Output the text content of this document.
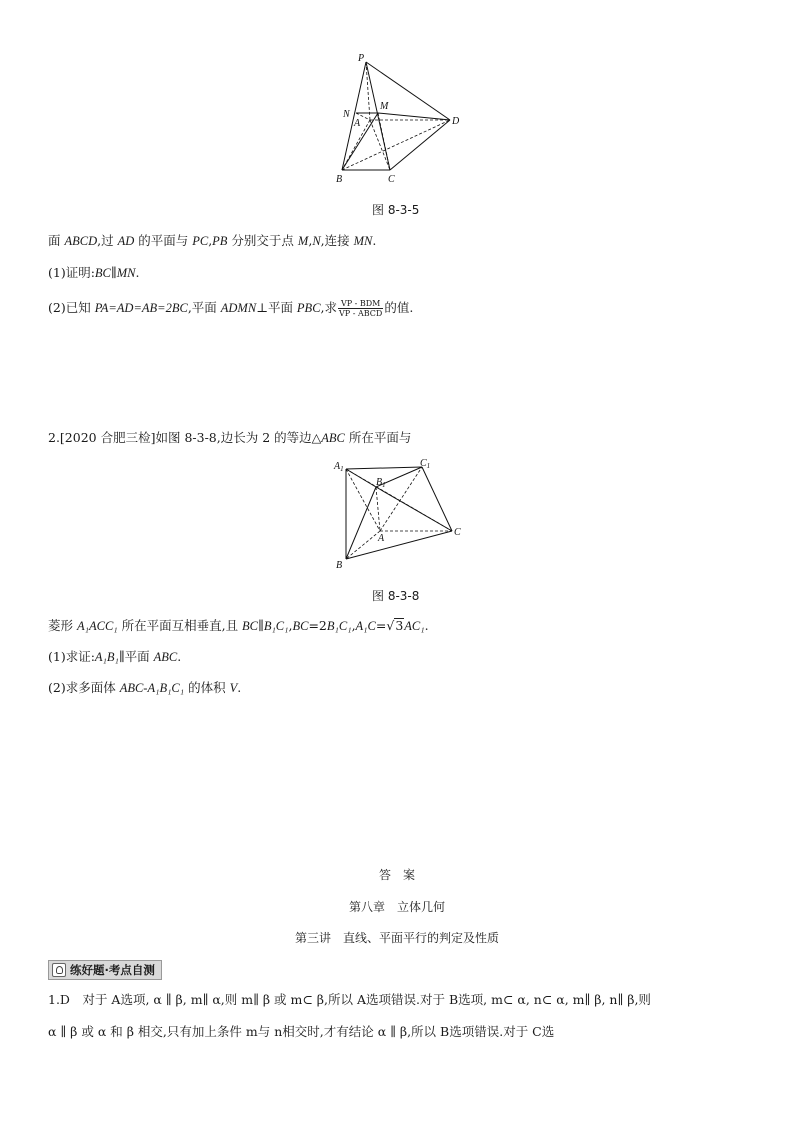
P
N
M
A	D
B	C
图 8-3-5
面 ABCD,过 AD 的平面与 PC,PB 分别交于点 M,N,连接 MN.
(1)证明:BC∥MN.
(2)已知 PA=AD=AB=2BC,平面 ADMN⊥平面 PBC,求 $\frac{\text{VP - BDM}}{\text{VP - ABCD}}$ 的值.
2.[2020 合肥三检]如图 8-3-8,边长为 2 的等边△ABC 所在平面与
$A_1$	$C_1$
$B_1$
A
B
C
图 8-3-8
菱形 A₁ACC₁ 所在平面互相垂直,且 BC∥B₁C₁,BC=2B₁C₁,A₁C=√3AC₁.
(1)求证:A₁B₁∥平面 ABC.
(2)求多面体 ABC-A₁B₁C₁ 的体积 V.
答　案
第八章　立体几何
第三讲　直线、平面平行的判定及性质
练好题·考点自测
1.D　对于 A选项, α ∥ β, m∥ α,则 m∥ β 或 m⊂ β,所以 A选项错误.对于 B选项, m⊂ α, n⊂ α, m∥ β, n∥ β,则
α ∥ β 或 α 和 β 相交,只有加上条件 m与 n相交时,才有结论 α ∥ β,所以 B选项错误.对于 C选
